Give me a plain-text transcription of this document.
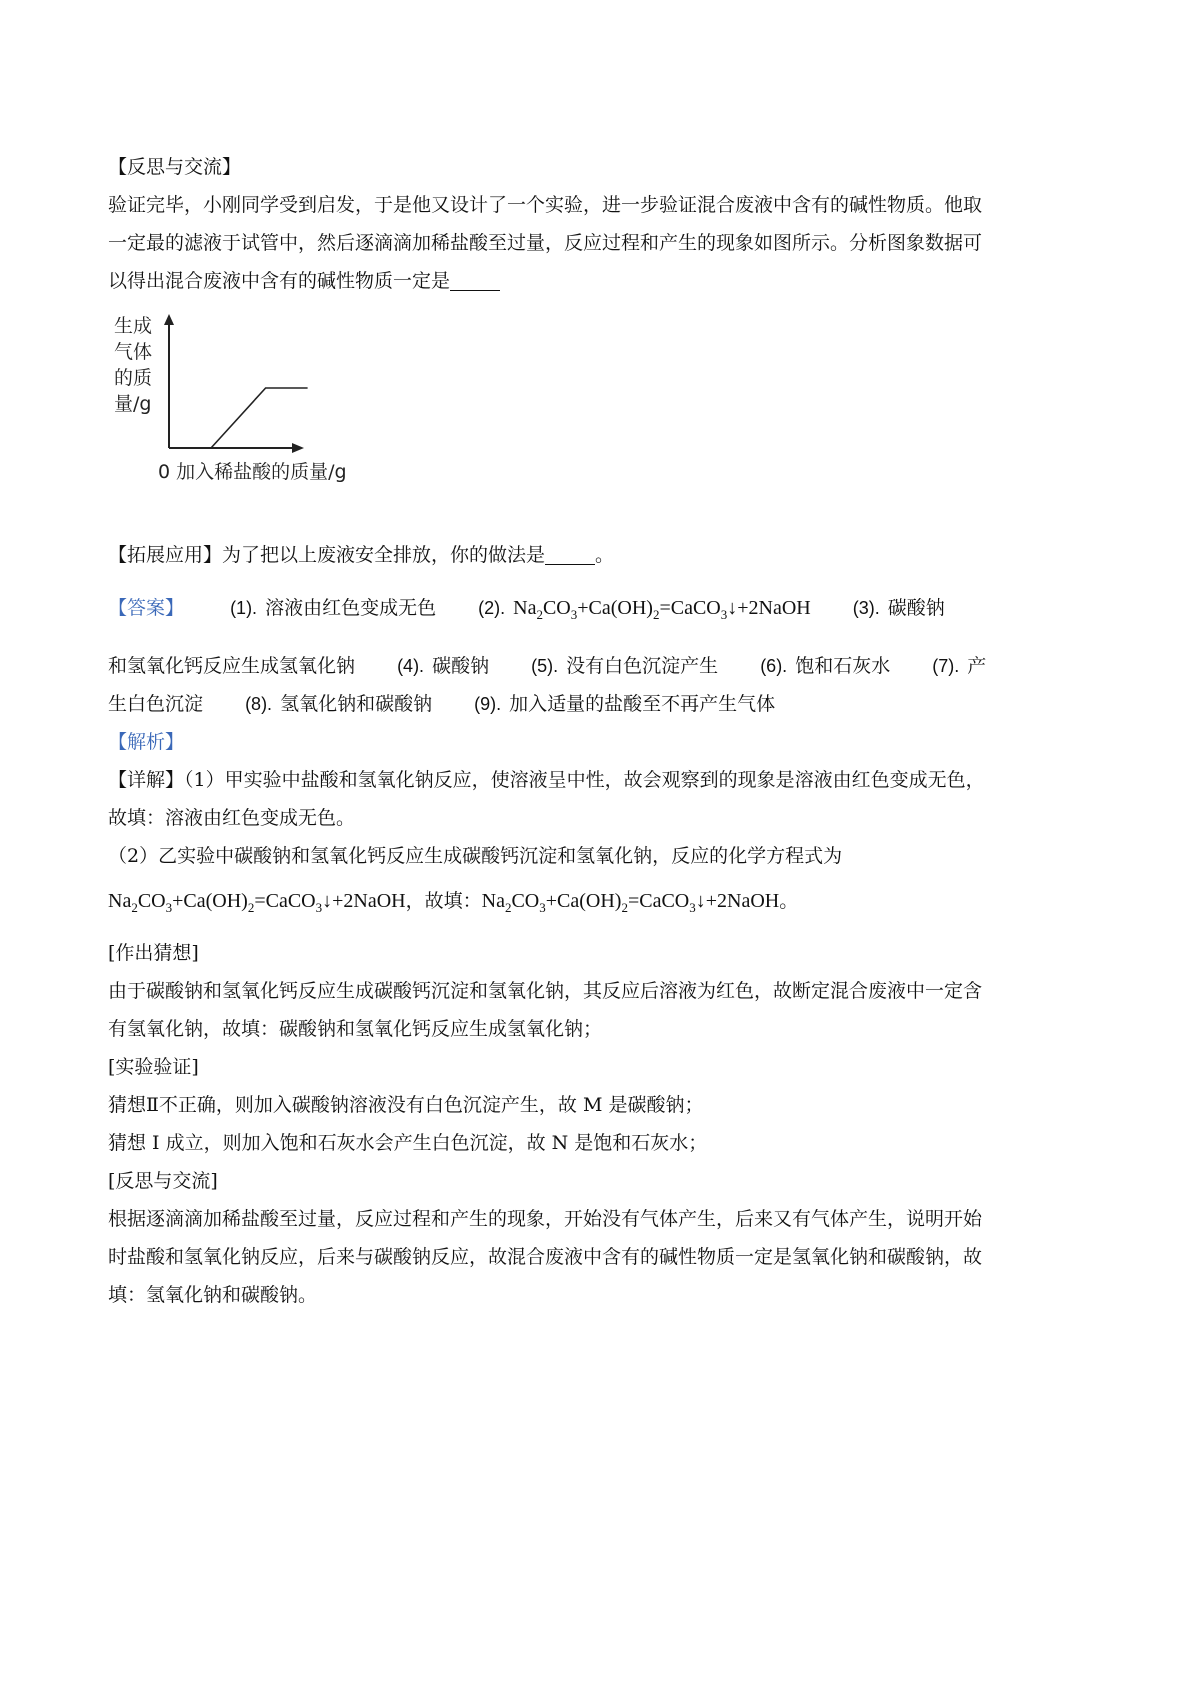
【反思与交流】

验证完毕，小刚同学受到启发，于是他又设计了一个实验，进一步验证混合废液中含有的碱性物质。他取

一定最的滤液于试管中，然后逐滴滴加稀盐酸至过量，反应过程和产生的现象如图所示。分析图象数据可

以得出混合废液中含有的碱性物质一定是

生成
气体
的质
量/g
0 加入稀盐酸的质量/g

【拓展应用】为了把以上废液安全排放，你的做法是	。

【答案】	(1). 溶液由红色变成无色 (2). $Na_2CO_3+Ca(OH)_2=CaCO_3↓+2NaOH$ (3). 碳酸钠

和氢氧化钙反应生成氢氧化钠 (4). 碳酸钠 (5). 没有白色沉淀产生 (6). 饱和石灰水 (7). 产

生白色沉淀 (8). 氢氧化钠和碳酸钠 (9). 加入适量的盐酸至不再产生气体

【解析】

【详解】（1）甲实验中盐酸和氢氧化钠反应，使溶液呈中性，故会观察到的现象是溶液由红色变成无色，

故填：溶液由红色变成无色。

（2）乙实验中碳酸钠和氢氧化钙反应生成碳酸钙沉淀和氢氧化钠，反应的化学方程式为

$Na_2CO_3+Ca(OH)_2=CaCO_3↓+2NaOH$，故填：$Na_2CO_3+Ca(OH)_2=CaCO_3↓+2NaOH$。

[作出猜想]

由于碳酸钠和氢氧化钙反应生成碳酸钙沉淀和氢氧化钠，其反应后溶液为红色，故断定混合废液中一定含

有氢氧化钠，故填：碳酸钠和氢氧化钙反应生成氢氧化钠；

[实验验证]

猜想Ⅱ不正确，则加入碳酸钠溶液没有白色沉淀产生，故 M 是碳酸钠；

猜想 I 成立，则加入饱和石灰水会产生白色沉淀，故 N 是饱和石灰水；

[反思与交流]

根据逐滴滴加稀盐酸至过量，反应过程和产生的现象，开始没有气体产生，后来又有气体产生，说明开始

时盐酸和氢氧化钠反应，后来与碳酸钠反应，故混合废液中含有的碱性物质一定是氢氧化钠和碳酸钠，故

填：氢氧化钠和碳酸钠。
